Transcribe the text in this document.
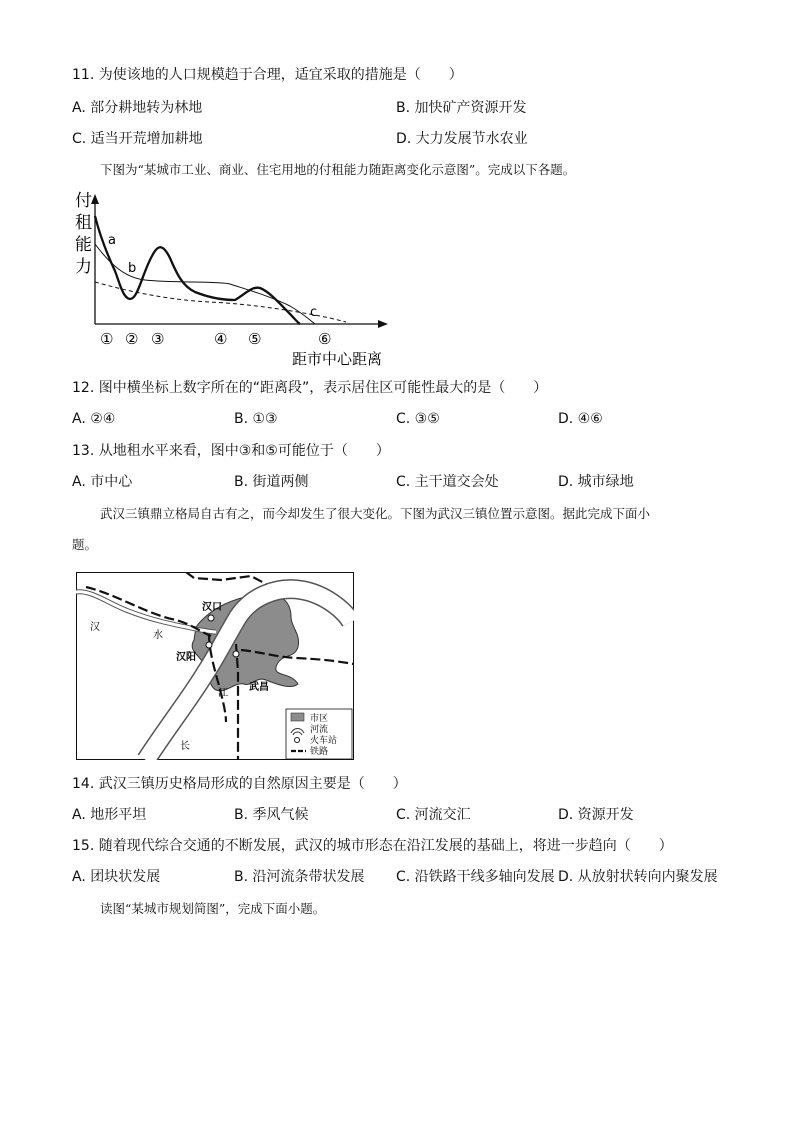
11. 为使该地的人口规模趋于合理，适宜采取的措施是（　　）
A. 部分耕地转为林地	B. 加快矿产资源开发
C. 适当开荒增加耕地	D. 大力发展节水农业
下图为“某城市工业、商业、住宅用地的付租能力随距离变化示意图”。完成以下各题。
付
租
能
力
a
b
c
① ② ③	④ ⑤	⑥
距市中心距离
12. 图中横坐标上数字所在的“距离段”，表示居住区可能性最大的是（　　）
A. ②④	B. ①③	C. ③⑤	D. ④⑥
13. 从地租水平来看，图中③和⑤可能位于（　　）
A. 市中心	B. 街道两侧	C. 主干道交会处	D. 城市绿地
武汉三镇鼎立格局自古有之，而今却发生了很大变化。下图为武汉三镇位置示意图。据此完成下面小
题。
汉口
汉阳
武昌
汉
水
江
长
市区
河流
火车站
铁路
14. 武汉三镇历史格局形成的自然原因主要是（　　）
A. 地形平坦	B. 季风气候	C. 河流交汇	D. 资源开发
15. 随着现代综合交通的不断发展，武汉的城市形态在沿江发展的基础上，将进一步趋向（　　）
A. 团块状发展	B. 沿河流条带状发展 C. 沿铁路干线多轴向发展 D. 从放射状转向内聚发展
读图“某城市规划简图”，完成下面小题。
